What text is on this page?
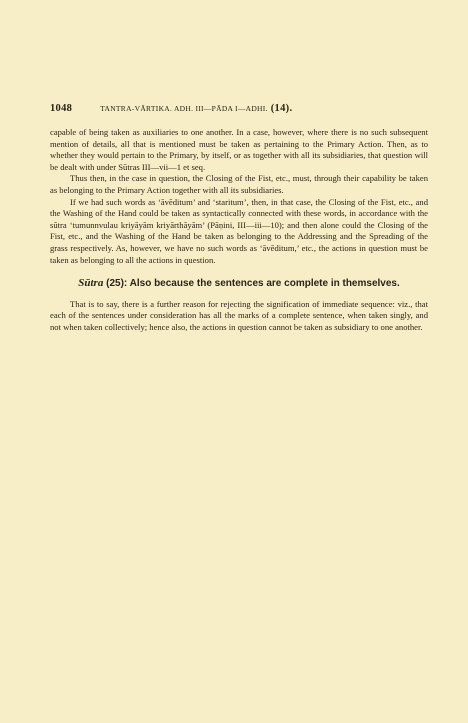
1048	TANTRA-VĀRTIKA. ADH. III—PĀDA I—ADHI. (14).

capable of being taken as auxiliaries to one another. In a case, however, where there is no such subsequent mention of details, all that is mentioned must be taken as pertaining to the Primary Action. Then, as to whether they would pertain to the Primary, by itself, or as together with all its subsidiaries, that question will be dealt with under Sūtras III—vii—1 et seq.

Thus then, in the case in question, the Closing of the Fist, etc., must, through their capability be taken as belonging to the Primary Action together with all its subsidiaries.

If we had such words as ‘āvēditum’ and ‘staritum’, then, in that case, the Closing of the Fist, etc., and the Washing of the Hand could be taken as syntactically connected with these words, in accordance with the sūtra ‘tumunnvulau kriyāyām kriyārthāyām’ (Pāṇini, III—iii—10); and then alone could the Closing of the Fist, etc., and the Washing of the Hand be taken as belonging to the Addressing and the Spreading of the grass respectively. As, however, we have no such words as ‘āvēditum,’ etc., the actions in question must be taken as belonging to all the actions in question.

Sūtra (25): Also because the sentences are complete in themselves.

That is to say, there is a further reason for rejecting the signification of immediate sequence: viz., that each of the sentences under consideration has all the marks of a complete sentence, when taken singly, and not when taken collectively; hence also, the actions in question cannot be taken as subsidiary to one another.
